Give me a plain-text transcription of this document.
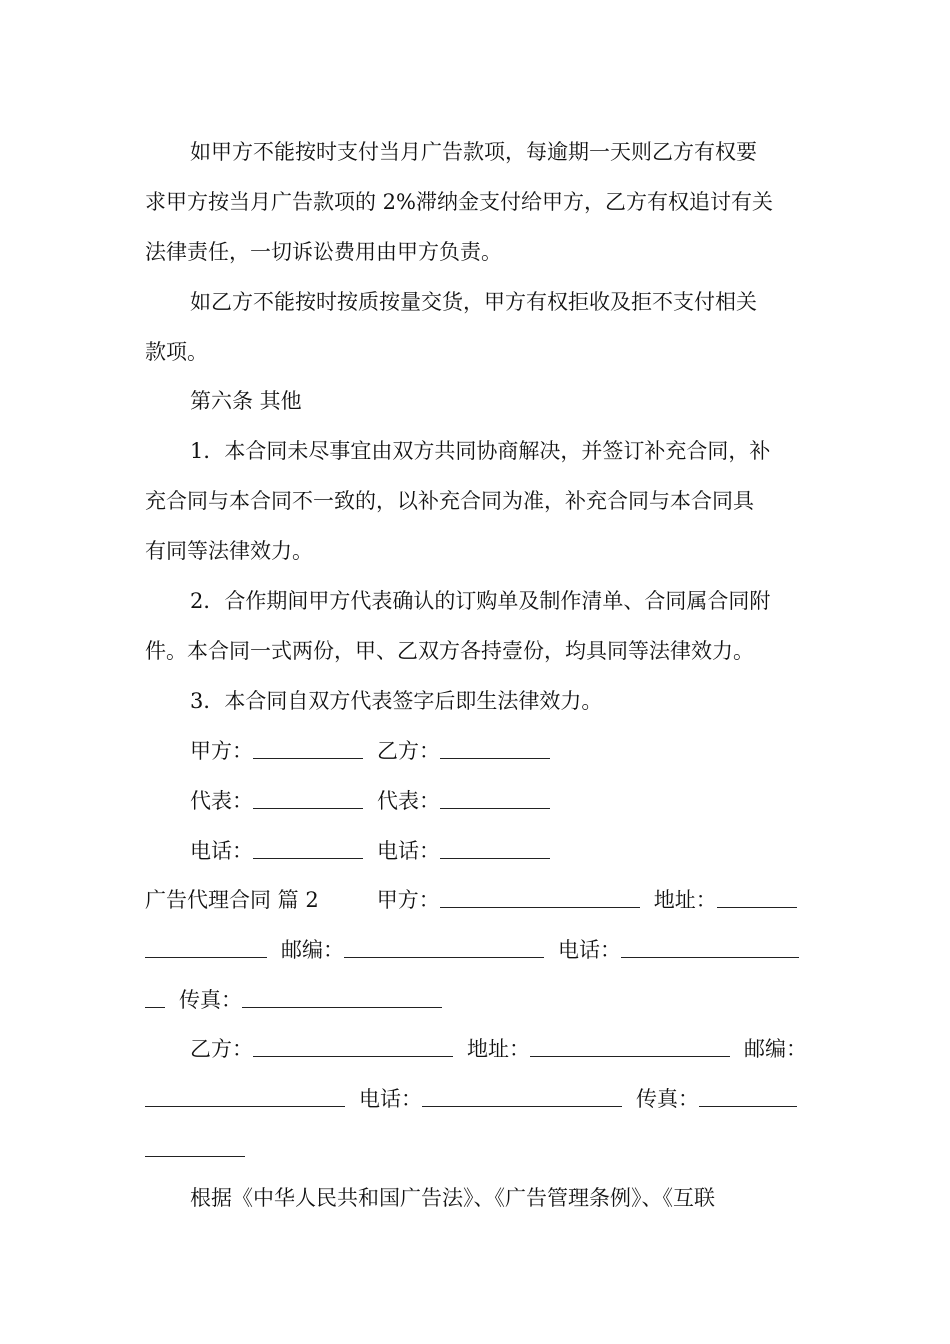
如甲方不能按时支付当月广告款项，每逾期一天则乙方有权要
求甲方按当月广告款项的 2%滞纳金支付给甲方，乙方有权追讨有关
法律责任，一切诉讼费用由甲方负责。
如乙方不能按时按质按量交货，甲方有权拒收及拒不支付相关
款项。
第六条 其他
1．本合同未尽事宜由双方共同协商解决，并签订补充合同，补
充合同与本合同不一致的，以补充合同为准，补充合同与本合同具
有同等法律效力。
2．合作期间甲方代表确认的订购单及制作清单、合同属合同附
件。本合同一式两份，甲、乙双方各持壹份，均具同等法律效力。
3．本合同自双方代表签字后即生法律效力。
甲方：	乙方：
代表：	代表：
电话：	电话：
广告代理合同 篇 2	甲方：	地址：
邮编：	电话：
传真：
乙方：	地址：	邮编：
电话：	传真：
根据《中华人民共和国广告法》、《广告管理条例》、《互联
